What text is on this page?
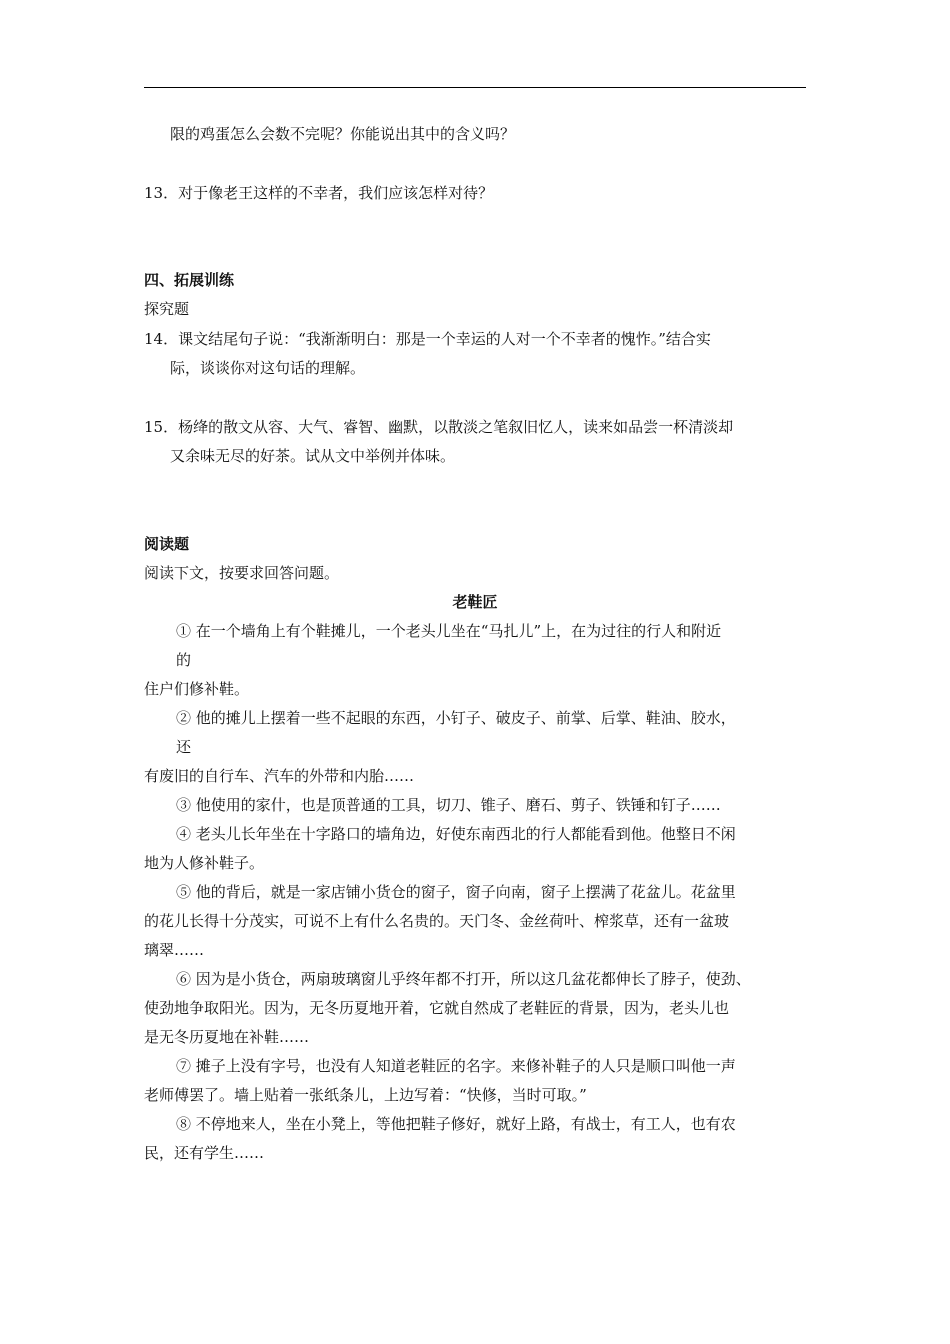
限的鸡蛋怎么会数不完呢？你能说出其中的含义吗？
13．对于像老王这样的不幸者，我们应该怎样对待？
四、拓展训练
探究题
14．课文结尾句子说：“我渐渐明白：那是一个幸运的人对一个不幸者的愧怍。”结合实
际，谈谈你对这句话的理解。
15．杨绛的散文从容、大气、睿智、幽默，以散淡之笔叙旧忆人，读来如品尝一杯清淡却
又余味无尽的好茶。试从文中举例并体味。
阅读题
阅读下文，按要求回答问题。
老鞋匠
① 在一个墙角上有个鞋摊儿，一个老头儿坐在“马扎儿”上，在为过往的行人和附近
的
住户们修补鞋。
② 他的摊儿上摆着一些不起眼的东西，小钉子、破皮子、前掌、后掌、鞋油、胶水，
还
有废旧的自行车、汽车的外带和内胎……
③ 他使用的家什，也是顶普通的工具，切刀、锥子、磨石、剪子、铁锤和钉子……
④ 老头儿长年坐在十字路口的墙角边，好使东南西北的行人都能看到他。他整日不闲
地为人修补鞋子。
⑤ 他的背后，就是一家店铺小货仓的窗子，窗子向南，窗子上摆满了花盆儿。花盆里
的花儿长得十分茂实，可说不上有什么名贵的。天门冬、金丝荷叶、榨浆草，还有一盆玻
璃翠……
⑥ 因为是小货仓，两扇玻璃窗儿乎终年都不打开，所以这几盆花都伸长了脖子，使劲、
使劲地争取阳光。因为，无冬历夏地开着，它就自然成了老鞋匠的背景，因为，老头儿也
是无冬历夏地在补鞋……
⑦ 摊子上没有字号，也没有人知道老鞋匠的名字。来修补鞋子的人只是顺口叫他一声
老师傅罢了。墙上贴着一张纸条儿，上边写着：“快修，当时可取。”
⑧ 不停地来人，坐在小凳上，等他把鞋子修好，就好上路，有战士，有工人，也有农
民，还有学生……
